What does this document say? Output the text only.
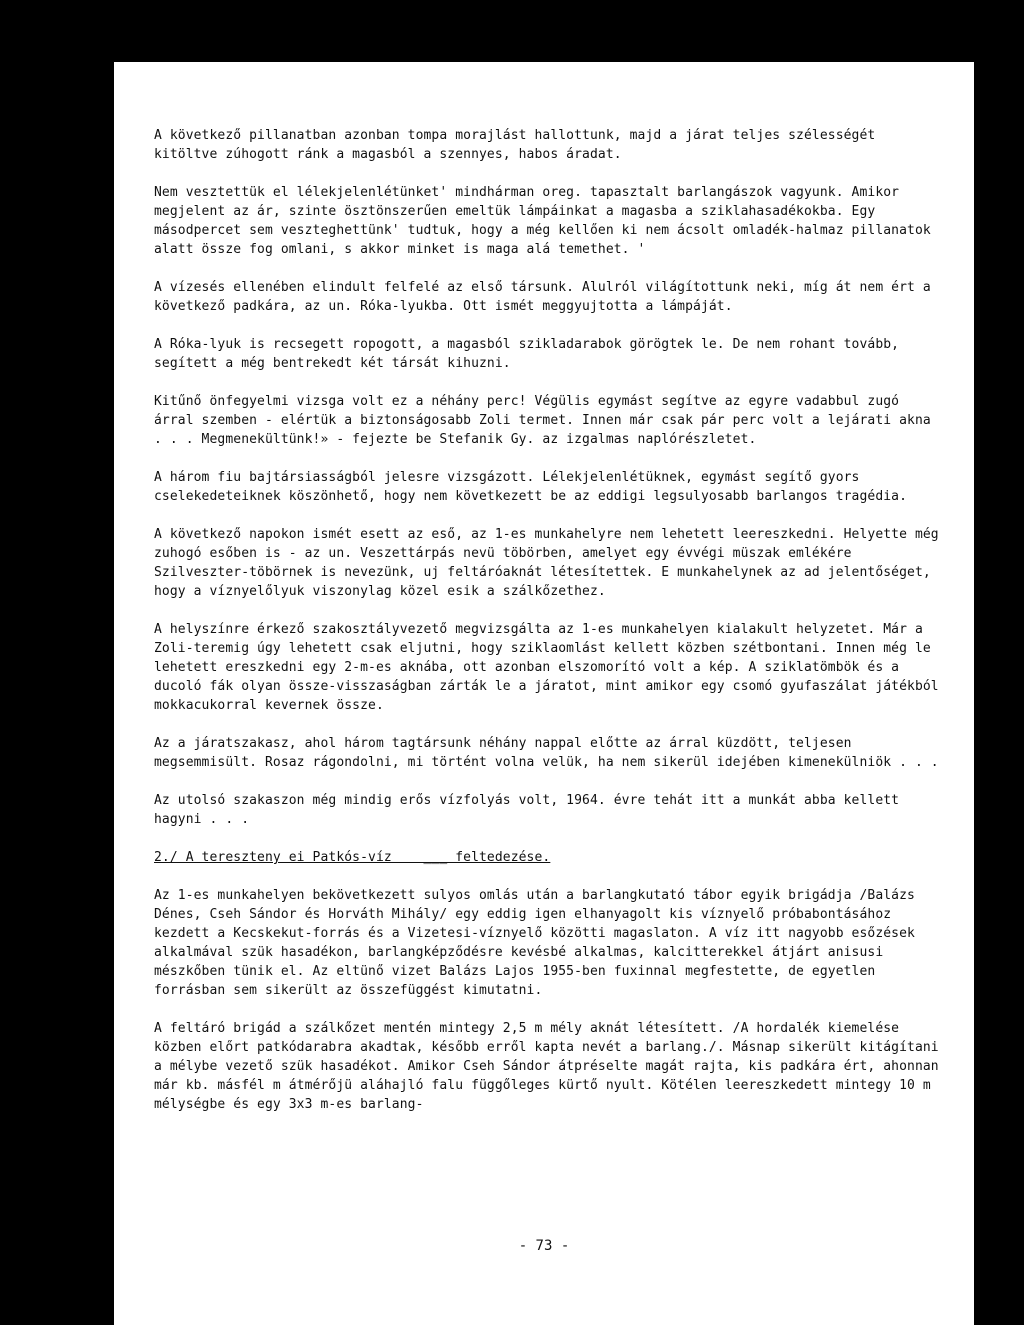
A következő pillanatban azonban tompa morajlást hallottunk, majd a járat teljes szélességét kitöltve zúhogott ránk a magasból a szennyes, habos áradat.

Nem vesztettük el lélekjelenlétünket' mindhárman oreg. tapasztalt barlangászok vagyunk. Amikor megjelent az ár, szinte ösztönszerűen emeltük lámpáinkat a magasba a sziklahasadékokba. Egy másodpercet sem veszteghettünk' tudtuk, hogy a még kellően ki nem ácsolt omladék-halmaz pillanatok alatt össze fog omlani, s akkor minket is maga alá temethet. '

A vízesés ellenében elindult felfelé az első társunk. Alulról világítottunk neki, míg át nem ért a következő padkára, az un. Róka-lyukba. Ott ismét meggyujtotta a lámpáját.

A Róka-lyuk is recsegett ropogott, a magasból szikladarabok görögtek le. De nem rohant tovább, segített a még bentrekedt két társát kihuzni.

Kitűnő önfegyelmi vizsga volt ez a néhány perc! Végülis egymást segítve az egyre vadabbul zugó árral szemben - elértük a biztonságosabb Zoli termet. Innen már csak pár perc volt a lejárati akna . . . Megmenekültünk!» - fejezte be Stefanik Gy. az izgalmas naplórészletet.

A három fiu bajtársiasságból jelesre vizsgázott. Lélekjelenlétüknek, egymást segítő gyors cselekedeteiknek köszönhető, hogy nem következett be az eddigi legsulyosabb barlangos tragédia.

A következő napokon ismét esett az eső, az 1-es munkahelyre nem lehetett leereszkedni. Helyette még zuhogó esőben is - az un. Veszettárpás nevü töbörben, amelyet egy évvégi müszak emlékére Szilveszter-töbörnek is nevezünk, uj feltáróaknát létesítettek. E munkahelynek az ad jelentőséget, hogy a víznyelőlyuk viszonylag közel esik a szálkőzethez.

A helyszínre érkező szakosztályvezető megvizsgálta az 1-es munkahelyen kialakult helyzetet. Már a Zoli-teremig úgy lehetett csak eljutni, hogy sziklaomlást kellett közben szétbontani. Innen még le lehetett ereszkedni egy 2-m-es aknába, ott azonban elszomorító volt a kép. A sziklatömbök és a ducoló fák olyan össze-visszaságban zárták le a járatot, mint amikor egy csomó gyufaszálat játékból mokkacukorral kevernek össze.

Az a járatszakasz, ahol három tagtársunk néhány nappal előtte az árral küzdött, teljesen megsemmisült. Rosaz rágondolni, mi történt volna velük, ha nem sikerül idejében kimenekülniök . . .

Az utolsó szakaszon még mindig erős vízfolyás volt, 1964. évre tehát itt a munkát abba kellett hagyni . . .

2./ A tereszteny ei Patkós-víz    ___ feltedezése.

Az 1-es munkahelyen bekövetkezett sulyos omlás után a barlangkutató tábor egyik brigádja /Balázs Dénes, Cseh Sándor és Horváth Mihály/ egy eddig igen elhanyagolt kis víznyelő próbabontásához kezdett a Kecskekut-forrás és a Vizetesi-víznyelő közötti magaslaton. A víz itt nagyobb esőzések alkalmával szük hasadékon, barlangképződésre kevésbé alkalmas, kalcitterekkel átjárt anisusi mészkőben tünik el. Az eltünő vizet Balázs Lajos 1955-ben fuxinnal megfestette, de egyetlen forrásban sem sikerült az összefüggést kimutatni.

A feltáró brigád a szálkőzet mentén mintegy 2,5 m mély aknát létesített. /A hordalék kiemelése közben előrt patkódarabra akadtak, később erről kapta nevét a barlang./. Másnap sikerült kitágítani a mélybe vezető szük hasadékot. Amikor Cseh Sándor átpréselte magát rajta, kis padkára ért, ahonnan már kb. másfél m átmérőjü aláhajló falu függőleges kürtő nyult. Kötélen leereszkedett mintegy 10 m mélységbe és egy 3x3 m-es barlang-

- 73 -
